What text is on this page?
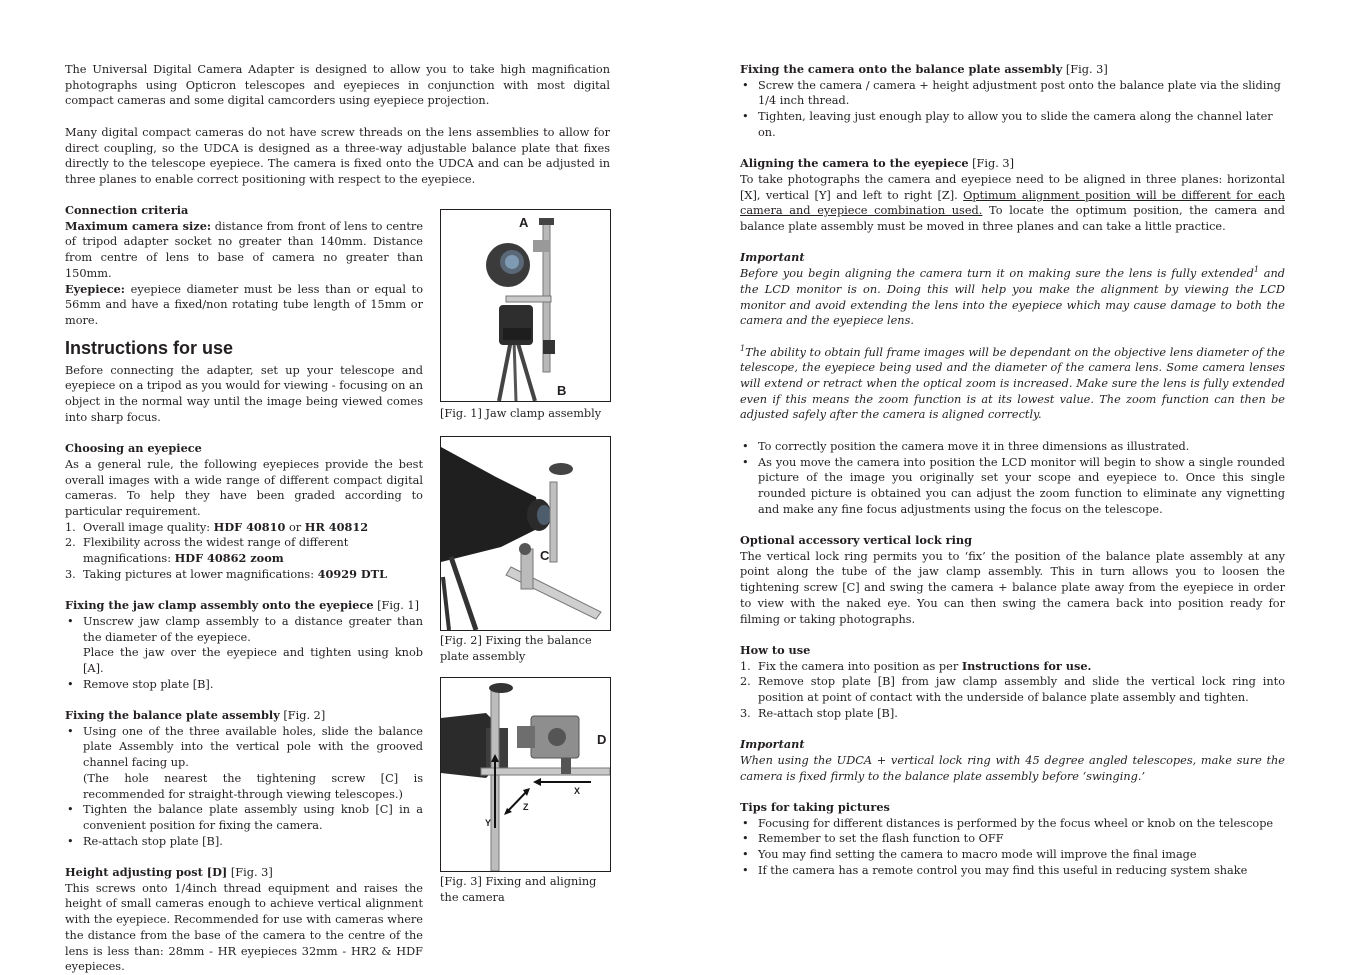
The Universal Digital Camera Adapter is designed to allow you to take high magnification photographs using Opticron telescopes and eyepieces in conjunction with most digital compact cameras and some digital camcorders using eyepiece projection.

Many digital compact cameras do not have screw threads on the lens assemblies to allow for direct coupling, so the UDCA is designed as a three-way adjustable balance plate that fixes directly to the telescope eyepiece. The camera is fixed onto the UDCA and can be adjusted in three planes to enable correct positioning with respect to the eyepiece.

Connection criteria

Maximum camera size: distance from front of lens to centre of tripod adapter socket no greater than 140mm. Distance from centre of lens to base of camera no greater than 150mm.

Eyepiece: eyepiece diameter must be less than or equal to 56mm and have a fixed/non rotating tube length of 15mm or more.

Instructions for use

Before connecting the adapter, set up your telescope and eyepiece on a tripod as you would for viewing - focusing on an object in the normal way until the image being viewed comes into sharp focus.

Choosing an eyepiece

As a general rule, the following eyepieces provide the best overall images with a wide range of different compact digital cameras. To help they have been graded according to particular requirement.

1. Overall image quality: HDF 40810 or HR 40812
2. Flexibility across the widest range of different magnifications: HDF 40862 zoom
3. Taking pictures at lower magnifications: 40929 DTL

Fixing the jaw clamp assembly onto the eyepiece [Fig. 1]

• Unscrew jaw clamp assembly to a distance greater than the diameter of the eyepiece.
Place the jaw over the eyepiece and tighten using knob [A].
• Remove stop plate [B].

Fixing the balance plate assembly [Fig. 2]

• Using one of the three available holes, slide the balance plate Assembly into the vertical pole with the grooved channel facing up.
(The hole nearest the tightening screw [C] is recommended for straight-through viewing telescopes.)
• Tighten the balance plate assembly using knob [C] in a convenient position for fixing the camera.
• Re-attach stop plate [B].

Height adjusting post [D] [Fig. 3]

This screws onto 1/4inch thread equipment and raises the height of small cameras enough to achieve vertical alignment with the eyepiece. Recommended for use with cameras where the distance from the base of the camera to the centre of the lens is less than: 28mm - HR eyepieces 32mm - HR2 & HDF eyepieces.

A
B
[Fig. 1] Jaw clamp assembly
C
[Fig. 2] Fixing the balance plate assembly
D
X
Y
Z
[Fig. 3] Fixing and aligning the camera

Fixing the camera onto the balance plate assembly [Fig. 3]

• Screw the camera / camera + height adjustment post onto the balance plate via the sliding 1/4 inch thread.
• Tighten, leaving just enough play to allow you to slide the camera along the channel later on.

Aligning the camera to the eyepiece [Fig. 3]

To take photographs the camera and eyepiece need to be aligned in three planes: horizontal [X], vertical [Y] and left to right [Z]. Optimum alignment position will be different for each camera and eyepiece combination used. To locate the optimum position, the camera and balance plate assembly must be moved in three planes and can take a little practice.

Important

Before you begin aligning the camera turn it on making sure the lens is fully extended$^1$ and the LCD monitor is on. Doing this will help you make the alignment by viewing the LCD monitor and avoid extending the lens into the eyepiece which may cause damage to both the camera and the eyepiece lens.

$^1$The ability to obtain full frame images will be dependant on the objective lens diameter of the telescope, the eyepiece being used and the diameter of the camera lens. Some camera lenses will extend or retract when the optical zoom is increased. Make sure the lens is fully extended even if this means the zoom function is at its lowest value. The zoom function can then be adjusted safely after the camera is aligned correctly.

• To correctly position the camera move it in three dimensions as illustrated.
• As you move the camera into position the LCD monitor will begin to show a single rounded picture of the image you originally set your scope and eyepiece to. Once this single rounded picture is obtained you can adjust the zoom function to eliminate any vignetting and make any fine focus adjustments using the focus on the telescope.

Optional accessory vertical lock ring

The vertical lock ring permits you to ‘fix’ the position of the balance plate assembly at any point along the tube of the jaw clamp assembly. This in turn allows you to loosen the tightening screw [C] and swing the camera + balance plate away from the eyepiece in order to view with the naked eye. You can then swing the camera back into position ready for filming or taking photographs.

How to use

1. Fix the camera into position as per Instructions for use.
2. Remove stop plate [B] from jaw clamp assembly and slide the vertical lock ring into position at point of contact with the underside of balance plate assembly and tighten.
3. Re-attach stop plate [B].

Important

When using the UDCA + vertical lock ring with 45 degree angled telescopes, make sure the camera is fixed firmly to the balance plate assembly before ‘swinging.’

Tips for taking pictures

• Focusing for different distances is performed by the focus wheel or knob on the telescope
• Remember to set the flash function to OFF
• You may find setting the camera to macro mode will improve the final image
• If the camera has a remote control you may find this useful in reducing system shake
